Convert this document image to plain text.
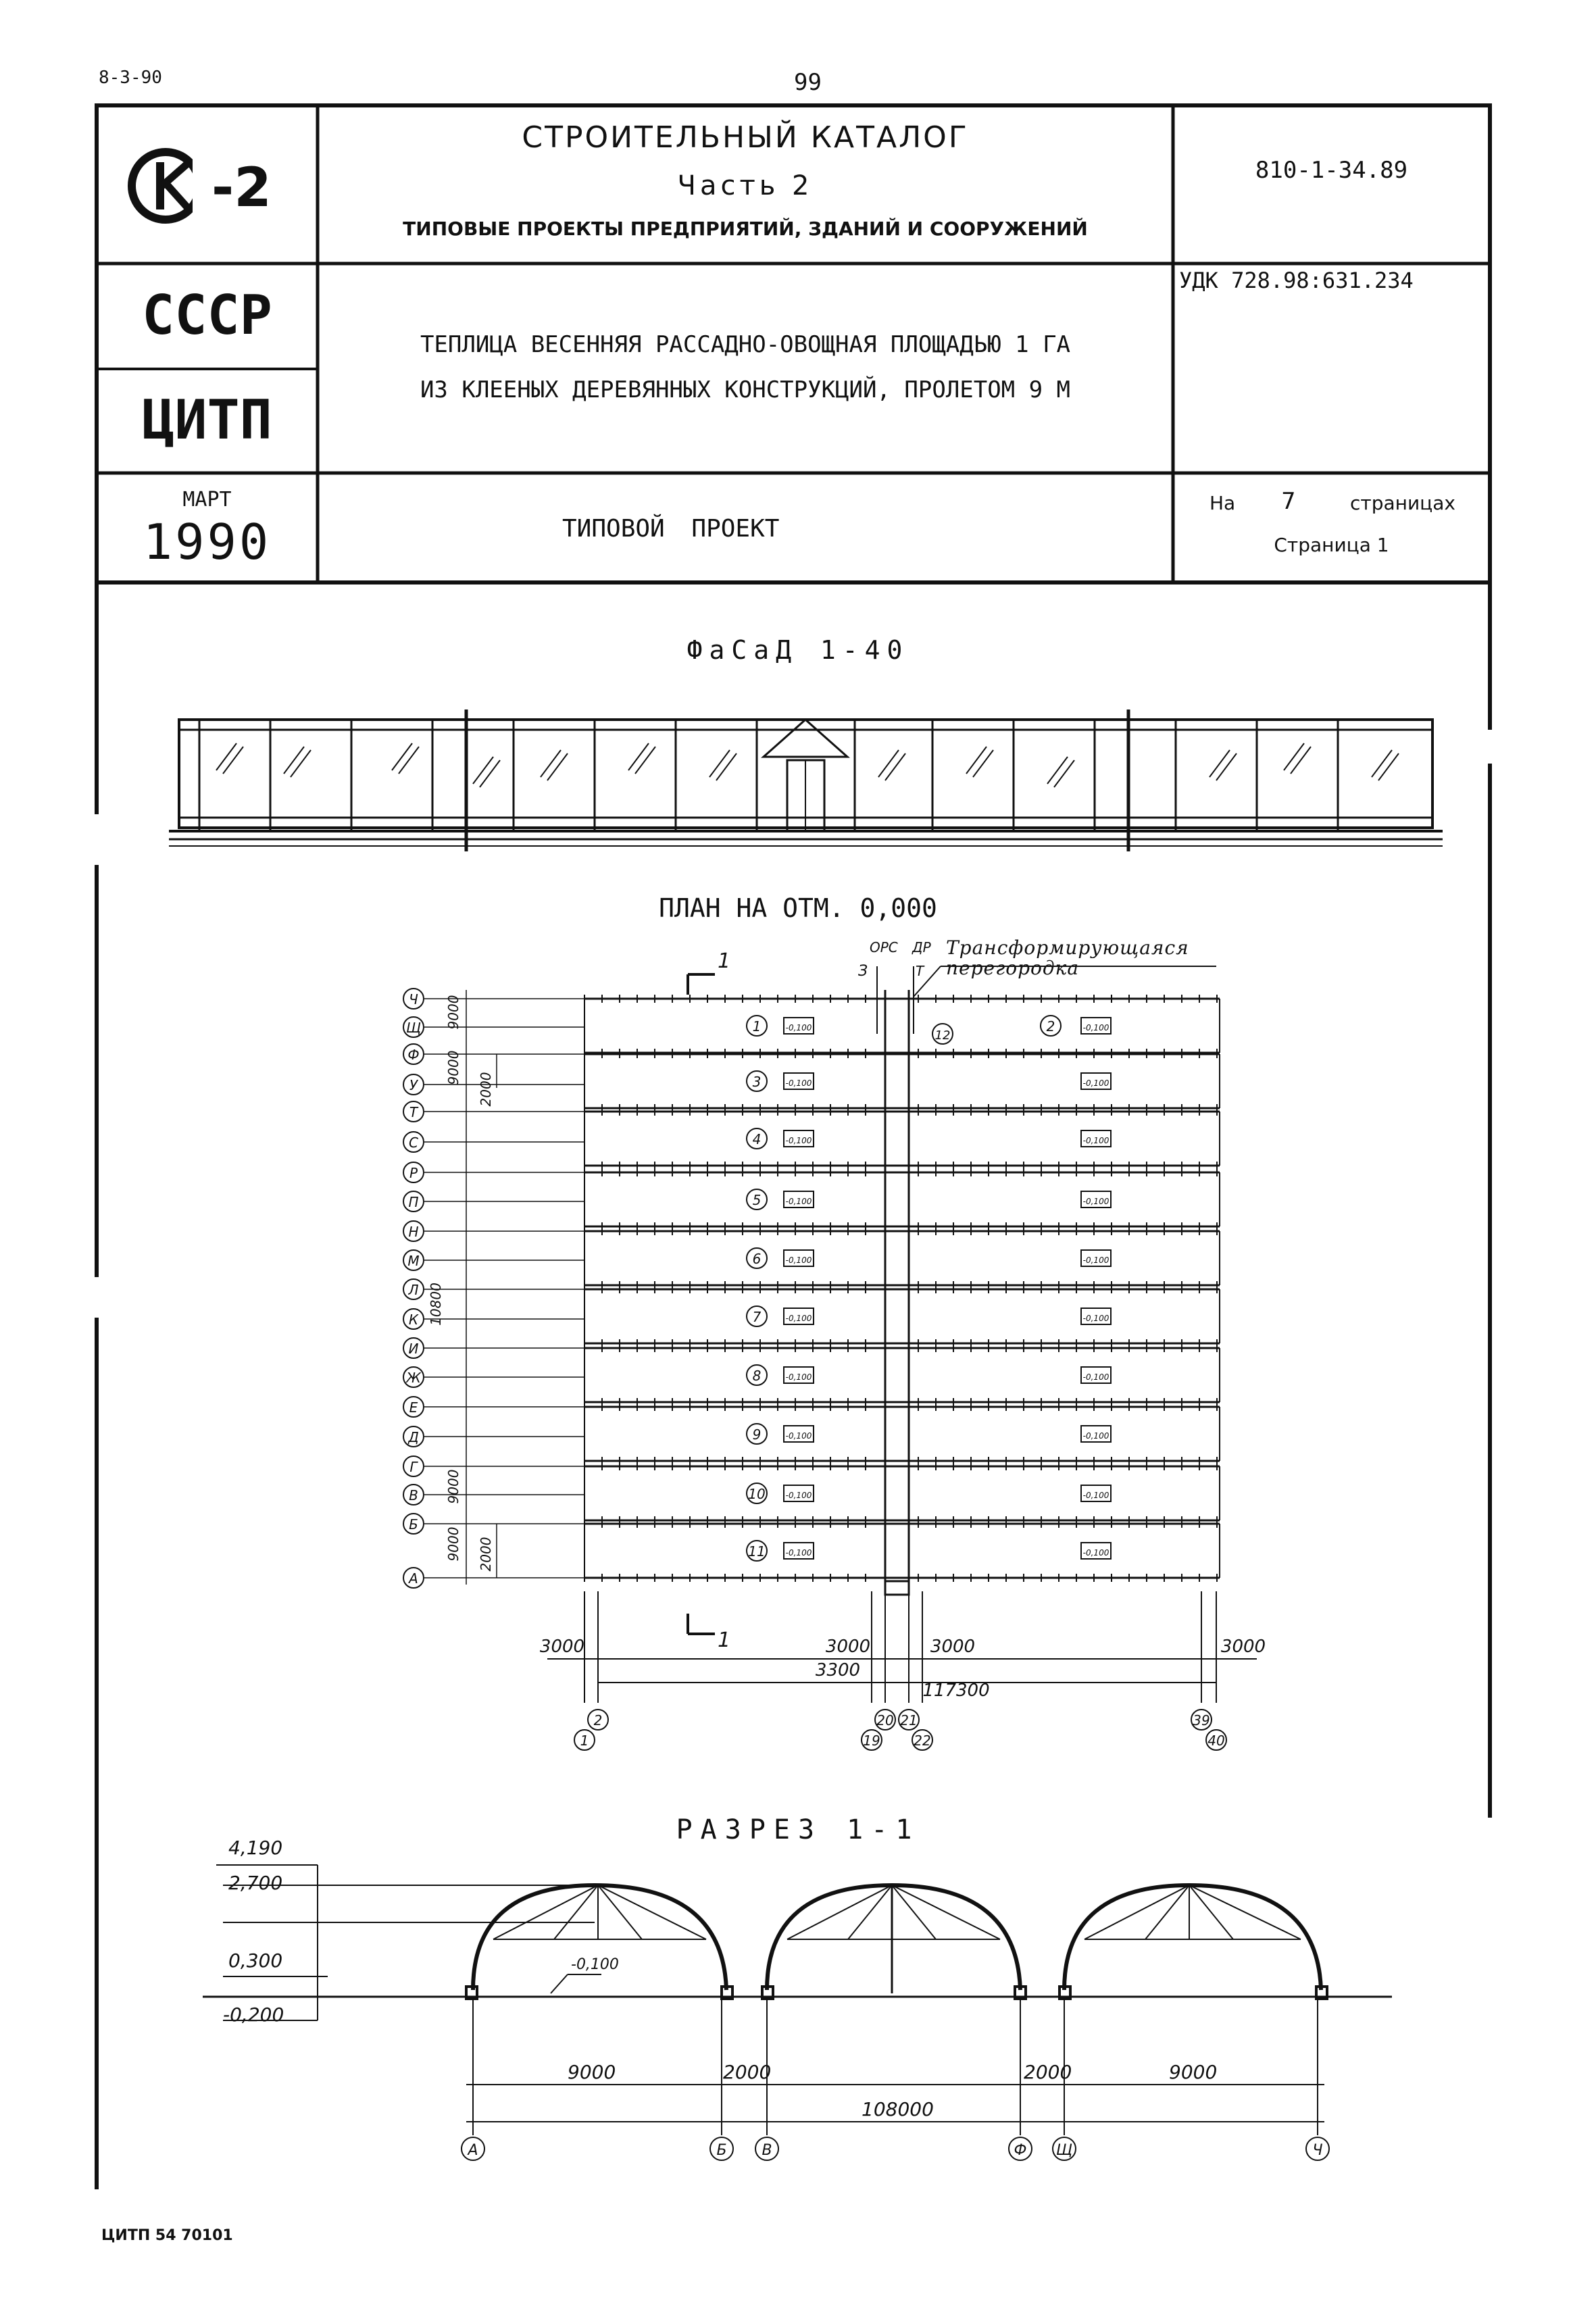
8-3-90	99
-2
СТРОИТЕЛЬНЫЙ КАТАЛОГ
Часть 2
ТИПОВЫЕ ПРОЕКТЫ ПРЕДПРИЯТИЙ, ЗДАНИЙ И СООРУЖЕНИЙ
810-1-34.89
СССР
ЦИТП
УДК 728.98:631.234
ТЕПЛИЦА ВЕСЕННЯЯ РАССАДНО-ОВОЩНАЯ ПЛОЩАДЬЮ 1 ГА
ИЗ КЛЕЕНЫХ ДЕРЕВЯННЫХ КОНСТРУКЦИЙ, ПРОЛЕТОМ 9 М
МАРТ
1990	ТИПОВОЙ ПРОЕКТ
На 7	страницах
Страница 1
ФаСаД 1-40
ПЛАН НА ОТМ. 0,000
Трансформирующаяся перегородка
1	-0,100	-0,100
3	-0,100	-0,100
4	-0,100	-0,100
5	-0,100	-0,100
6	-0,100	-0,100
7	-0,100	-0,100
8	-0,100	-0,100
9	-0,100	-0,100
10 -0,100	-0,100
11 -0,100	-0,100
2
12
Ч
Щ
Ф
У
Т
С
Р
П
Н
М
Л
К
И
Ж
Е
Д
Г
В
Б
А
9000
9000
2000
10800
9000
9000 2000
3000	3000
3300
3000
117300
3000
1
2
19
20 21
22
39
40
1
1
З
ОРС ДР
Т
РАЗРЕЗ 1-1
А	Б В	Ф Щ	Ч
4,190
2,700
0,300
-0,200
-0,100
9000	2000	2000	9000
108000
ЦИТП 54 70101
